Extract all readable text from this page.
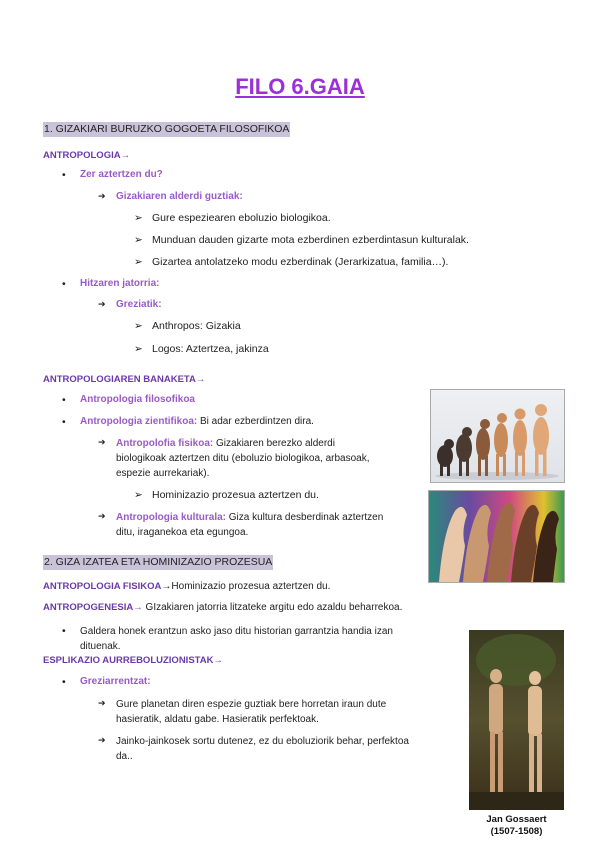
FILO 6.GAIA
1. GIZAKIARI BURUZKO GOGOETA FILOSOFIKOA
ANTROPOLOGIA→
• Zer aztertzen du?
➔ Gizakiaren alderdi guztiak:
➢ Gure espeziearen eboluzio biologikoa.
➢ Munduan dauden gizarte mota ezberdinen ezberdintasun kulturalak.
➢ Gizartea antolatzeko modu ezberdinak (Jerarkizatua, familia…).
• Hitzaren jatorria:
➔ Greziatik:
➢ Anthropos: Gizakia
➢ Logos: Aztertzea, jakinza
ANTROPOLOGIAREN BANAKETA→
• Antropologia filosofikoa
• Antropologia zientifikoa: Bi adar ezberdintzen dira.
➔ Antropolofia fisikoa: Gizakiaren berezko alderdi
biologikoak aztertzen ditu (eboluzio biologikoa, arbasoak,
espezie aurrekariak).
➢ Hominizazio prozesua aztertzen du.
➔ Antropologia kulturala: Giza kultura desberdinak aztertzen
ditu, iraganekoa eta egungoa.
2. GIZA IZATEA ETA HOMINIZAZIO PROZESUA
ANTROPOLOGIA FISIKOA→Hominizazio prozesua aztertzen du.
ANTROPOGENESIA→ GIzakiaren jatorria litzateke argitu edo azaldu beharrekoa.
• Galdera honek erantzun asko jaso ditu historian garrantzia handia izan
dituenak.
ESPLIKAZIO AURREBOLUZIONISTAK→
• Greziarrentzat:
➔ Gure planetan diren espezie guztiak bere horretan iraun dute
hasieratik, aldatu gabe. Hasieratik perfektoak.
➔ Jainko-jainkosek sortu dutenez, ez du eboluziorik behar, perfektoa
da..
Jan Gossaert
(1507-1508)
